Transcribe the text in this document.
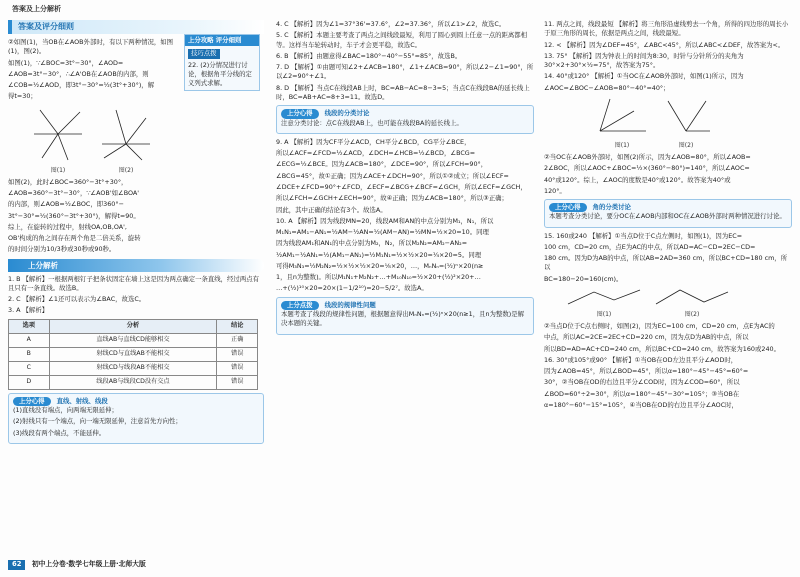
答案及上分解析
答案及评分细则

②如图(1)，当OB在∠AOB外部时，有以下两种情况，如图(1)，图(2)。

如图(1)，∵∠BOC=3t°−30°，∠AOD=

∠AOB=3t°−30°，∴∠A'OB在∠AOB的内部，则

∠COB=½∠AOD，即3t°−30°=½(3t°+30°)，解

得t=30；

图(1)
	图(2)

如图(2)，此时∠BOC=360°−3t°+30°，

∠AOB=360°−3t°−30°，∵∠AOB'如∠BOA'

的内部，则∠AOB=½∠BOC，即360°−

3t°−30°=½(360°−3t°+30°)，解得t=90。

综上，在旋转的过程中，射线OA,OB,OA',

OB'构成的角之间存在两个角是二倍关系，旋转

的时间分别为10/3秒或30秒或90秒。

上分解析

1. B 【解析】一根据两根钉子把条状固定在墙上这是因为两点确定一条直线，经过两点有且只有一条直线。故选B。

2. C 【解析】∠1还可以表示为∠BAC，故选C。

3. A 【解析】

选项	分析	结论
A	直线AB与直线CD能够相交	正确
B	射线CD与直线AB不能相交	错误
C	射线CD与线段AB不能相交	错误
D	线段AB与线段CD没有交点	错误
上分心得 直线、射线、线段

(1)直线没有端点，向两端无限延伸；

(2)射线只有一个端点，向一端无限延伸，注意首先方向性；

(3)线段有两个端点，不能延伸。

上分攻略 评分细则
技巧点拨
22. (2)分情况进行讨论，根据角平分线的定义列式求解。

4. C 【解析】因为∠1=37°36'=37.6°，∠2=37.36°，所以∠1>∠2，故选C。

5. C 【解析】本题主要考查了两点之间线段最短，利用了圆心到圆上任意一点的距离都相等。这样当车轮转动时，车子才会更平稳，故选C。

6. B 【解析】由题意得∠BAC=180°−40°−55°=85°，故选B。

7. D 【解析】①由题可知∠2+∠ACB=180°，∠1+∠ACB=90°，所以∠2−∠1=90°，所以∠2=90°+∠1。

8. D 【解析】当点C在线段AB上时，BC=AB−AC=8−3=5；当点C在线段BA的延长线上时，BC=AB+AC=8+3=11。故选D。

上分心得 线段的分类讨论

注意分类讨论：点C在线段AB上，也可能在线段BA的延长线上。

9. A 【解析】因为CF平分∠ACD，CH平分∠BCD，CG平分∠BCE，

所以∠ACF=∠FCD=½∠ACD，∠DCH=∠HCB=½∠BCD，∠BCG=

∠ECG=½∠BCE。因为∠ACB=180°，∠DCE=90°，所以∠FCH=90°，

∠BCG=45°，故①正确；因为∠ACE+∠DCH=90°，所以①②成立；所以∠ECF=

∠DCE+∠FCD=90°+∠FCD，∠ECF=∠BCG+∠BCF=∠GCH，所以∠ECF=∠GCH，

所以∠FCH=∠GCH+∠ECH=90°，故④正确；因为∠ACB=180°，所以③正确；

因此，其中正确的结论有3个。故选A。

10. A 【解析】因为线段MN=20，线段AM和AN的中点分别为M₁，N₁，所以

M₁N₁=AM₁−AN₁=½AM−½AN=½(AM−AN)=½MN=½×20=10。同理

因为线段AM₁和AN₁的中点分别为M₂，N₂，所以M₂N₂=AM₂−AN₂=

½AM₁−½AN₁=½(AM₁−AN₁)=½M₁N₁=½×½×20=¼×20=5。同理

可得M₃N₃=½M₂N₂=½×½×½×20=⅛×20，…，MₙNₙ=(½)ⁿ×20(n≥

1，且n为整数)。所以M₁N₁+M₂N₂+…+M₁₀N₁₀=½×20+(½)²×20+…

…+(½)¹⁰×20=20×(1−1/2¹⁰)=20−5/2⁷。故选A。

上分点拨 线段的规律性问题

本题考查了线段的规律性问题，根据题意得出MₙNₙ=(½)ⁿ×20(n≥1，且n为整数)是解决本题的关键。

11. 两点之间，线段最短 【解析】将三角形沿虚线剪去一个角，所得的四边形的周长小于原三角形的周长，依据是两点之间，线段最短。

12. < 【解析】因为∠DEF=45°，∠ABC<45°，所以∠ABC<∠DEF，故答案为<。

13. 75° 【解析】因为钟表上的时间为8:30，时针与分针所分的夹角为30°×2+30°×½=75°，故答案为75°。

14. 40°或120° 【解析】①当OC在∠AOB外部时，如图(1)所示，因为

∠AOC=∠BOC−∠AOB=80°−40°=40°；

图(1)
	图(2)

②当OC在∠AOB外部时，如图(2)所示，因为∠AOB=80°，所以∠AOB=

2∠BOC，所以∠AOC+∠BOC=½×(360°−80°)=140°，所以∠AOC=

40°或120°。综上，∠AOC的度数是40°或120°。故答案为40°或

120°。

上分心得 角的分类讨论

本题考查分类讨论，要分OC在∠AOB内部和OC在∠AOB外部时两种情况进行讨论。

15. 160或240 【解析】①当点D位于C点左侧时，如图(1)，因为EC=

100 cm，CD=20 cm，点E为AC的中点，所以AD=AC−CD=2EC−CD=

180 cm。因为D为AB的中点，所以AB=2AD=360 cm，所以BC+CD=180 cm，所以

BC=180−20=160(cm)。

图(1)
	图(2)

②当点D位于C点右侧时，如图(2)，因为EC=100 cm，CD=20 cm，点E为AC的

中点，所以AC=2CE=2EC+CD=220 cm，因为点D为AB的中点，所以

所以BD=AD=AC+CD=240 cm，所以BC+CD=240 cm，故答案为160或240。

16. 30°或105°或90° 【解析】①当OB在OD左边且平分∠AOD时，

因为∠AOB=45°，所以∠BOD=45°，所以α=180°−45°−45°=60°=

30°，②当OB在OD的右边且平分∠COD时，因为∠COD=60°，所以

∠BOD=60°÷2=30°，所以α=180°−45°−30°=105°；③当OB在

α=180°−60°−15°=105°，④当OB在OD的右边且平分∠AOC时，

62 初中上分卷·数学七年级上册·北师大版
